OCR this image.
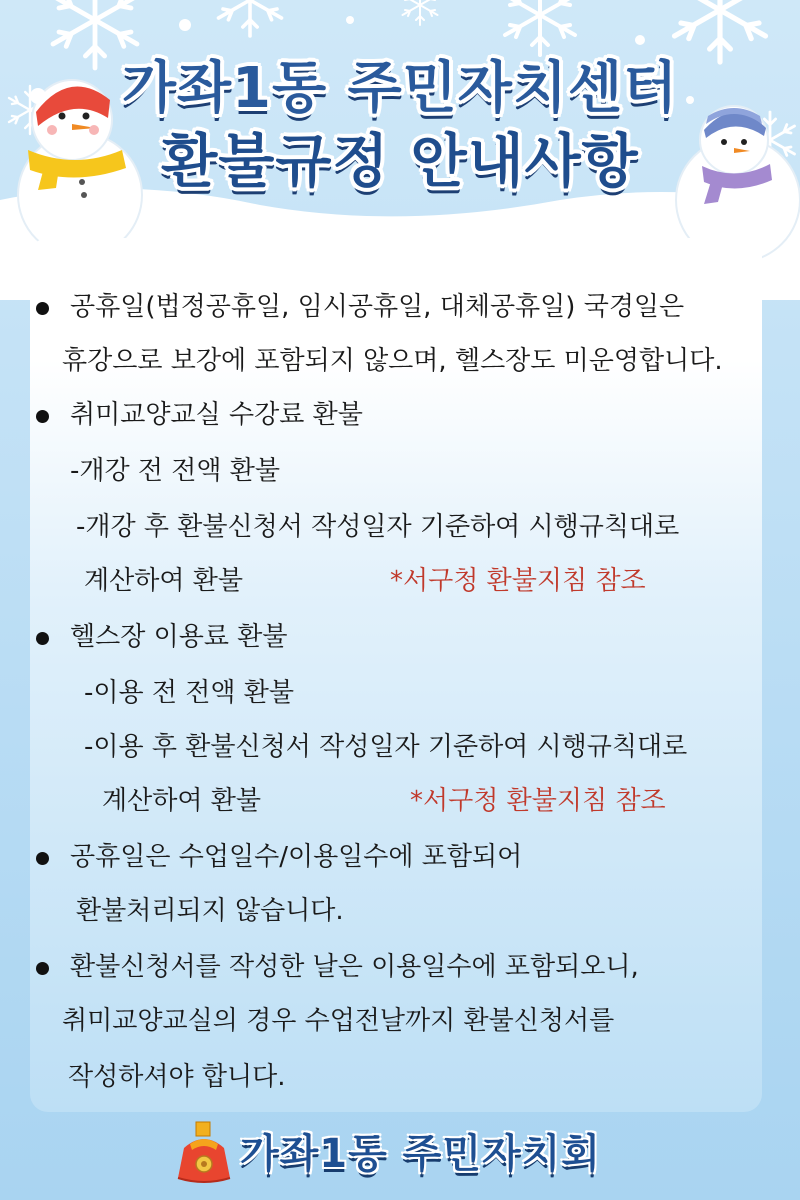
가좌1동 주민자치센터
환불규정 안내사항
공휴일(법정공휴일, 임시공휴일, 대체공휴일) 국경일은
휴강으로 보강에 포함되지 않으며, 헬스장도 미운영합니다.
취미교양교실 수강료 환불
-개강 전 전액 환불
-개강 후 환불신청서 작성일자 기준하여 시행규칙대로
계산하여 환불	*서구청 환불지침 참조
헬스장 이용료 환불
-이용 전 전액 환불
-이용 후 환불신청서 작성일자 기준하여 시행규칙대로
계산하여 환불	*서구청 환불지침 참조
공휴일은 수업일수/이용일수에 포함되어
환불처리되지 않습니다.
환불신청서를 작성한 날은 이용일수에 포함되오니,
취미교양교실의 경우 수업전날까지 환불신청서를
작성하셔야 합니다.
가좌1동 주민자치회
